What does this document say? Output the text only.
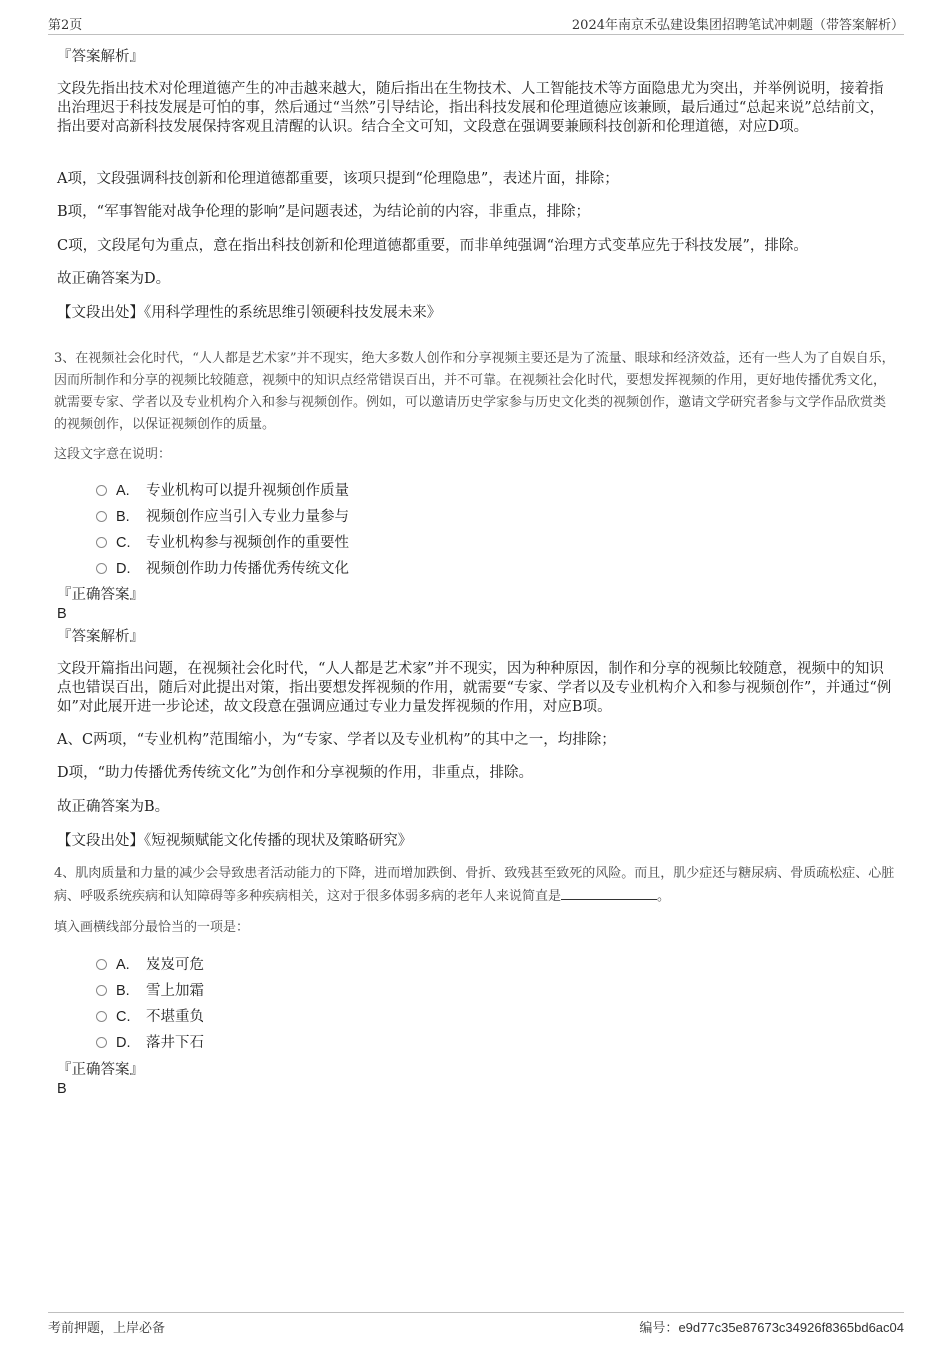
第2页	2024年南京禾弘建设集团招聘笔试冲刺题（带答案解析）
『答案解析』
文段先指出技术对伦理道德产生的冲击越来越大，随后指出在生物技术、人工智能技术等方面隐患尤为突出，并举例说明，接着指出治理迟于科技发展是可怕的事，然后通过“当然”引导结论，指出科技发展和伦理道德应该兼顾，最后通过“总起来说”总结前文，指出要对高新科技发展保持客观且清醒的认识。结合全文可知，文段意在强调要兼顾科技创新和伦理道德，对应D项。
A项，文段强调科技创新和伦理道德都重要，该项只提到“伦理隐患”，表述片面，排除；
B项，“军事智能对战争伦理的影响”是问题表述，为结论前的内容，非重点，排除；
C项，文段尾句为重点，意在指出科技创新和伦理道德都重要，而非单纯强调“治理方式变革应先于科技发展”，排除。
故正确答案为D。
【文段出处】《用科学理性的系统思维引领硬科技发展未来》
3、在视频社会化时代，“人人都是艺术家”并不现实，绝大多数人创作和分享视频主要还是为了流量、眼球和经济效益，还有一些人为了自娱自乐，因而所制作和分享的视频比较随意，视频中的知识点经常错误百出，并不可靠。在视频社会化时代，要想发挥视频的作用，更好地传播优秀文化，就需要专家、学者以及专业机构介入和参与视频创作。例如，可以邀请历史学家参与历史文化类的视频创作，邀请文学研究者参与文学作品欣赏类的视频创作，以保证视频创作的质量。
这段文字意在说明：
A. 专业机构可以提升视频创作质量
B. 视频创作应当引入专业力量参与
C. 专业机构参与视频创作的重要性
D. 视频创作助力传播优秀传统文化
『正确答案』
B
『答案解析』
文段开篇指出问题，在视频社会化时代，“人人都是艺术家”并不现实，因为种种原因，制作和分享的视频比较随意，视频中的知识点也错误百出，随后对此提出对策，指出要想发挥视频的作用，就需要“专家、学者以及专业机构介入和参与视频创作”，并通过“例如”对此展开进一步论述，故文段意在强调应通过专业力量发挥视频的作用，对应B项。
A、C两项，“专业机构”范围缩小，为“专家、学者以及专业机构”的其中之一，均排除；
D项，“助力传播优秀传统文化”为创作和分享视频的作用，非重点，排除。
故正确答案为B。
【文段出处】《短视频赋能文化传播的现状及策略研究》
4、肌肉质量和力量的减少会导致患者活动能力的下降，进而增加跌倒、骨折、致残甚至致死的风险。而且，肌少症还与糖尿病、骨质疏松症、心脏病、呼吸系统疾病和认知障碍等多种疾病相关，这对于很多体弱多病的老年人来说简直是	。
填入画横线部分最恰当的一项是：
A. 岌岌可危
B. 雪上加霜
C. 不堪重负
D. 落井下石
『正确答案』
B
考前押题，上岸必备	编号：e9d77c35e87673c34926f8365bd6ac04
